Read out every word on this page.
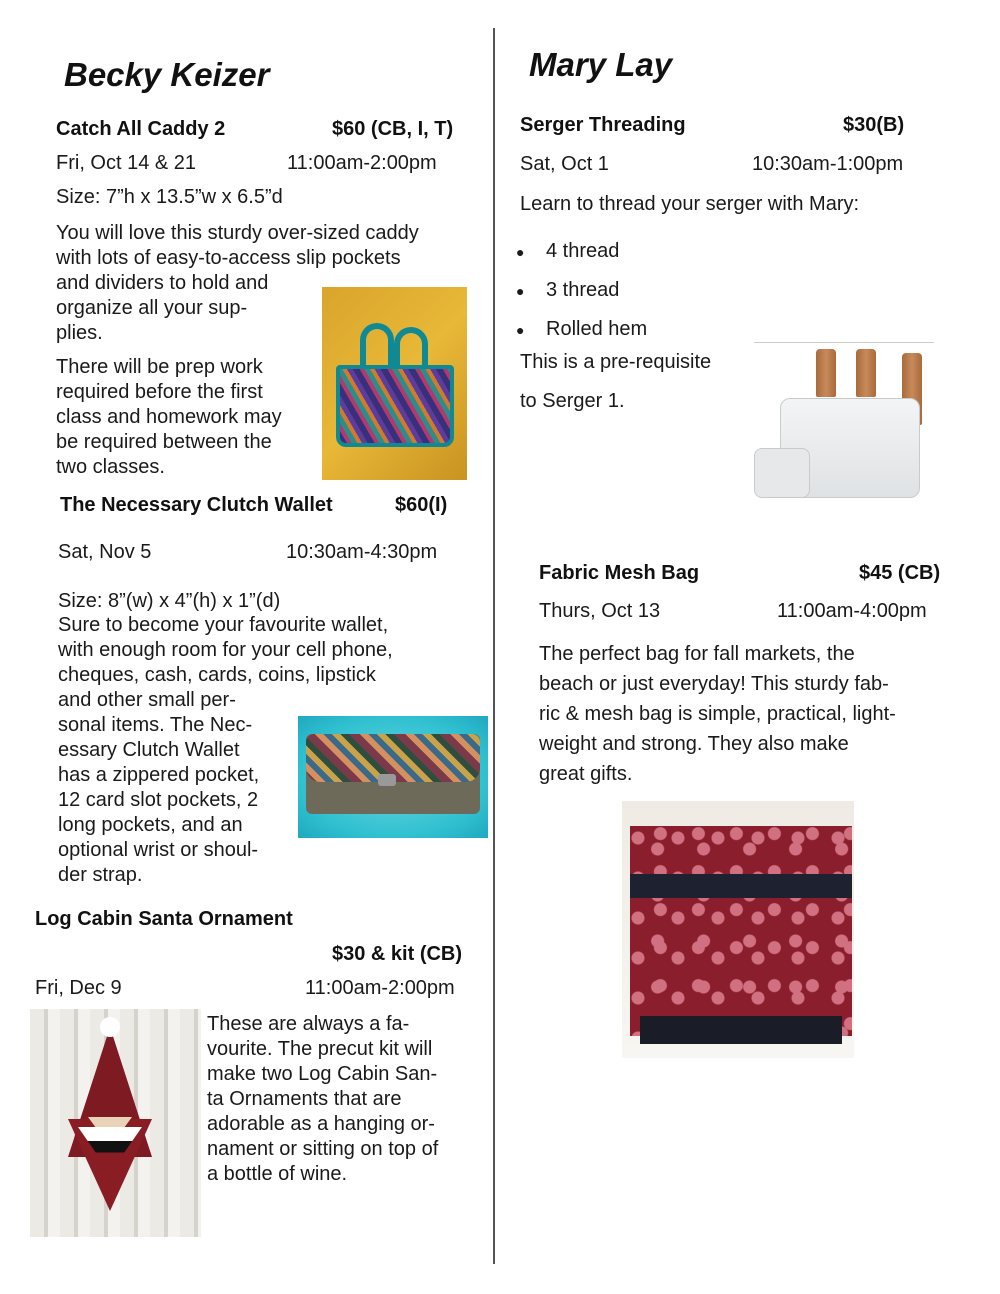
Becky Keizer
Catch All Caddy 2	$60 (CB, I, T)
Fri, Oct 14 & 21	11:00am-2:00pm
Size: 7”h x 13.5”w x 6.5”d
You will love this sturdy over-sized caddy
with lots of easy-to-access slip pockets
and dividers to hold and
organize all your sup-
plies.
There will be prep work
required before the first
class and homework may
be required between the
two classes.
The Necessary Clutch Wallet	$60(I)
Sat, Nov 5	10:30am-4:30pm
Size: 8”(w) x 4”(h) x 1”(d)
Sure to become your favourite wallet,
with enough room for your cell phone,
cheques, cash, cards, coins, lipstick
and other small per-
sonal items. The Nec-
essary Clutch Wallet
has a zippered pocket,
12 card slot pockets, 2
long pockets, and an
optional wrist or shoul-
der strap.
Log Cabin Santa Ornament
$30 & kit (CB)
Fri, Dec 9	11:00am-2:00pm
These are always a fa-
vourite. The precut kit will
make two Log Cabin San-
ta Ornaments that are
adorable as a hanging or-
nament or sitting on top of
a bottle of wine.
Mary Lay
Serger Threading	$30(B)
Sat, Oct 1	10:30am-1:00pm
Learn to thread your serger with Mary:
●	4 thread
●	3 thread
●	Rolled hem
This is a pre-requisite
to Serger 1.
Fabric Mesh Bag	$45 (CB)
Thurs, Oct 13	11:00am-4:00pm
The perfect bag for fall markets, the
beach or just everyday! This sturdy fab-
ric & mesh bag is simple, practical, light-
weight and strong. They also make
great gifts.
